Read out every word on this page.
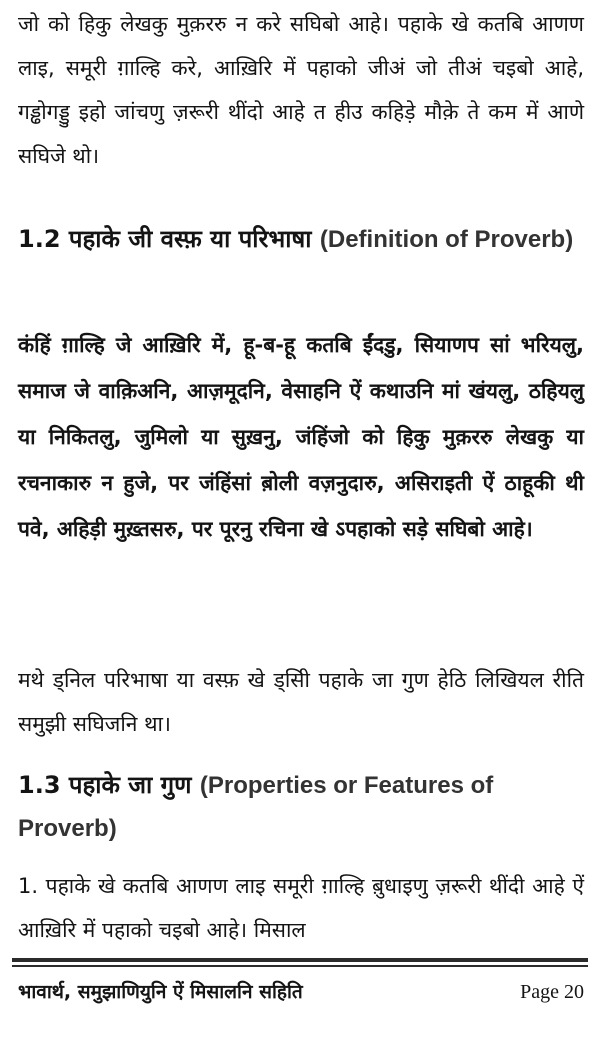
जो को हिकु लेखकु मुक़ररु न करे सघिबो आहे। पहाके खे कतबि आणण लाइ, समूरी ग़ाल्हि करे, आख़िरि में पहाको जीअं जो तीअं चइबो आहे, गड्ढोगड्डु इहो जांचणु ज़रूरी थींदो आहे त हीउ कहिड़े मौक़े ते कम में आणे सघिजे थो।

1.2 पहाके जी वस्फ़ या परिभाषा (Definition of Proverb)

कंहिं ग़ाल्हि जे आख़िरि में, हू-ब-हू कतबि ईंदडु, सियाणप सां भरियलु, समाज जे वाक़िअनि, आज़मूदनि, वेसाहनि ऐं कथाउनि मां खंयलु, ठहियलु या निकितलु, जुमिलो या सुख़नु, जंहिंजो को हिकु मुक़ररु लेखकु या रचनाकारु न हुजे, पर जंहिंसां ब़ोली वज़नुदारु, असिराइती ऐं ठाहूकी थी पवे, अहिड़ी मुख़्तसरु, पर पूरनु रचिना खे ऽपहाको सड़े सघिबो आहे।

मथे ड्निल परिभाषा या वस्फ़ खे ड्सिी पहाके जा गुण हेठि लिखियल रीति समुझी सघिजनि था।

1.3 पहाके जा गुण (Properties or Features of Proverb)

1. पहाके खे कतबि आणण लाइ समूरी ग़ाल्हि ब़ुधाइणु ज़रूरी थींदी आहे ऐं आख़िरि में पहाको चइबो आहे। मिसाल

भावार्थ, समुझाणियुनि ऐं मिसालनि सहिति	Page 20
